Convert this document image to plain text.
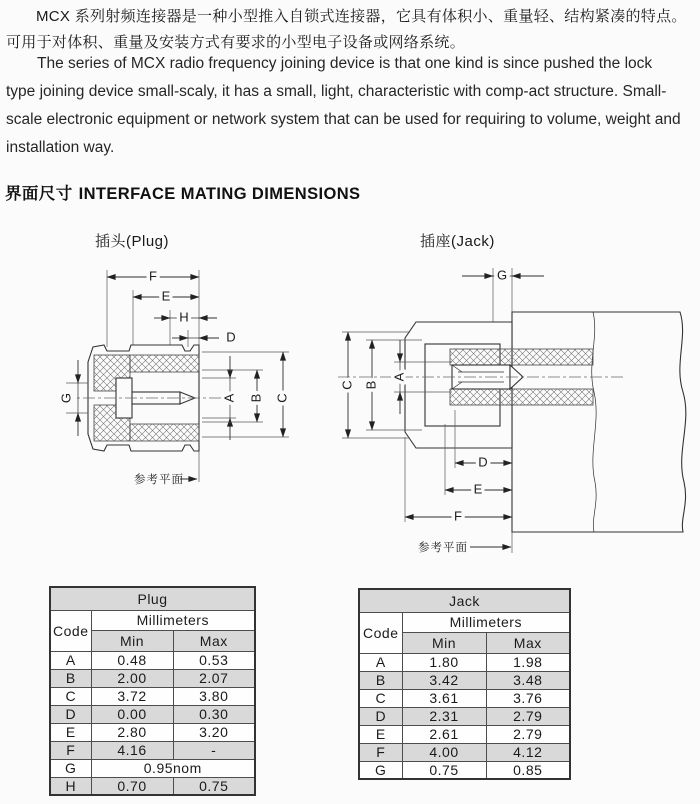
MCX 系列射频连接器是一种小型推入自锁式连接器，它具有体积小、重量轻、结构紧凑的特点。可用于对体积、重量及安装方式有要求的小型电子设备或网络系统。

The series of MCX radio frequency joining device is that one kind is since pushed the lock type joining device small-scaly, it has a small, light, characteristic with comp-act structure. Small-scale electronic equipment or network system that can be used for requiring to volume, weight and installation way.

界面尺寸 INTERFACE MATING DIMENSIONS
插头(Plug)	插座(Jack)
F
E
H
D
G	A B C
参考平面
G
C B
A
D
E
F
参考平面
Plug		
Code	Millimeters	
	Min	Max
A	0.48	0.53
B	2.00	2.07
C	3.72	3.80
D	0.00	0.30
E	2.80	3.20
F	4.16	-
G	0.95nom	
H	0.70	0.75
Jack		
Code	Millimeters	
	Min	Max
A	1.80	1.98
B	3.42	3.48
C	3.61	3.76
D	2.31	2.79
E	2.61	2.79
F	4.00	4.12
G	0.75	0.85
